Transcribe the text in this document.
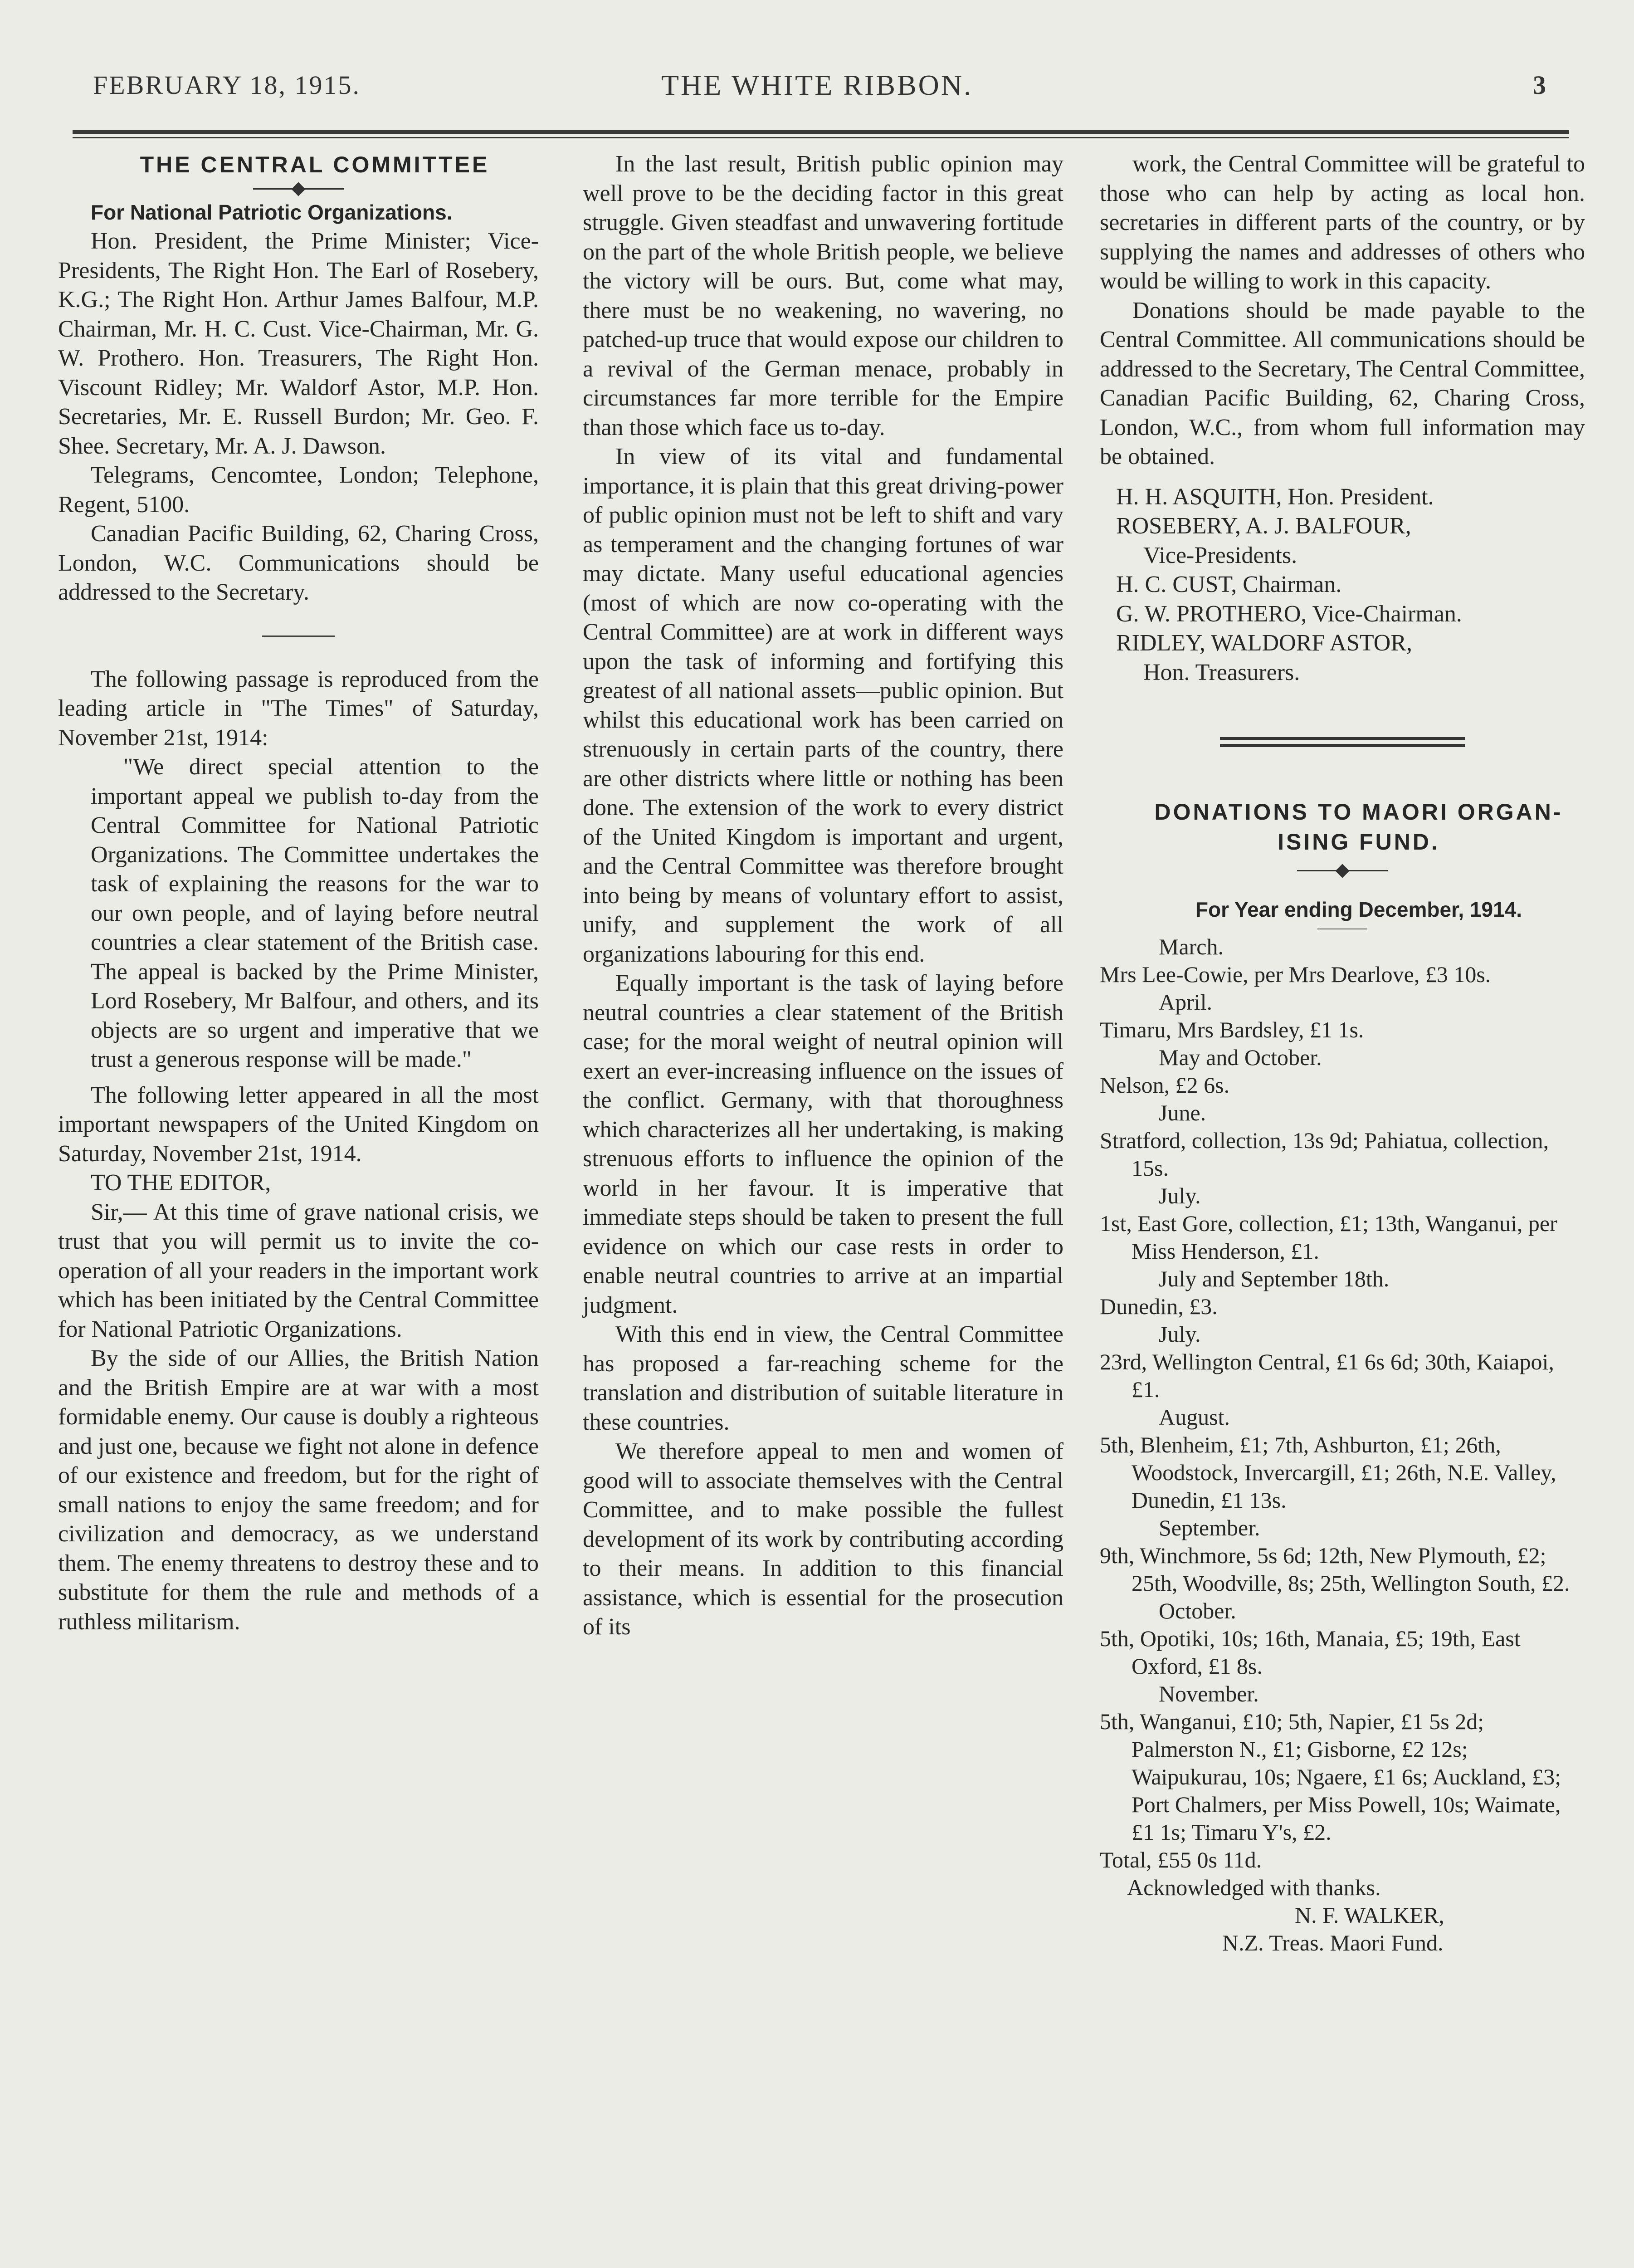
FEBRUARY 18, 1915.	THE WHITE RIBBON.	3

THE CENTRAL COMMITTEE

For National Patriotic Organizations.

Hon. President, the Prime Minister; Vice-Presidents, The Right Hon. The Earl of Rosebery, K.G.; The Right Hon. Arthur James Balfour, M.P. Chairman, Mr. H. C. Cust. Vice-Chairman, Mr. G. W. Prothero. Hon. Treasurers, The Right Hon. Viscount Ridley; Mr. Waldorf Astor, M.P. Hon. Secretaries, Mr. E. Russell Burdon; Mr. Geo. F. Shee. Secretary, Mr. A. J. Dawson.

Telegrams, Cencomtee, London; Telephone, Regent, 5100.

Canadian Pacific Building, 62, Charing Cross, London, W.C. Communications should be addressed to the Secretary.

The following passage is reproduced from the leading article in "The Times" of Saturday, November 21st, 1914:

"We direct special attention to the important appeal we publish to-day from the Central Committee for National Patriotic Organizations. The Committee undertakes the task of explaining the reasons for the war to our own people, and of laying before neutral countries a clear statement of the British case. The appeal is backed by the Prime Minister, Lord Rosebery, Mr Balfour, and others, and its objects are so urgent and imperative that we trust a generous response will be made."

The following letter appeared in all the most important newspapers of the United Kingdom on Saturday, November 21st, 1914.

TO THE EDITOR,

Sir,— At this time of grave national crisis, we trust that you will permit us to invite the co-operation of all your readers in the important work which has been initiated by the Central Committee for National Patriotic Organizations.

By the side of our Allies, the British Nation and the British Empire are at war with a most formidable enemy. Our cause is doubly a righteous and just one, because we fight not alone in defence of our existence and freedom, but for the right of small nations to enjoy the same freedom; and for civilization and democracy, as we understand them. The enemy threatens to destroy these and to substitute for them the rule and methods of a ruthless militarism.

In the last result, British public opinion may well prove to be the deciding factor in this great struggle. Given steadfast and unwavering fortitude on the part of the whole British people, we believe the victory will be ours. But, come what may, there must be no weakening, no wavering, no patched-up truce that would expose our children to a revival of the German menace, probably in circumstances far more terrible for the Empire than those which face us to-day.

In view of its vital and fundamental importance, it is plain that this great driving-power of public opinion must not be left to shift and vary as temperament and the changing fortunes of war may dictate. Many useful educational agencies (most of which are now co-operating with the Central Committee) are at work in different ways upon the task of informing and fortifying this greatest of all national assets—public opinion. But whilst this educational work has been carried on strenuously in certain parts of the country, there are other districts where little or nothing has been done. The extension of the work to every district of the United Kingdom is important and urgent, and the Central Committee was therefore brought into being by means of voluntary effort to assist, unify, and supplement the work of all organizations labouring for this end.

Equally important is the task of laying before neutral countries a clear statement of the British case; for the moral weight of neutral opinion will exert an ever-increasing influence on the issues of the conflict. Germany, with that thoroughness which characterizes all her undertaking, is making strenuous efforts to influence the opinion of the world in her favour. It is imperative that immediate steps should be taken to present the full evidence on which our case rests in order to enable neutral countries to arrive at an impartial judgment.

With this end in view, the Central Committee has proposed a far-reaching scheme for the translation and distribution of suitable literature in these countries.

We therefore appeal to men and women of good will to associate themselves with the Central Committee, and to make possible the fullest development of its work by contributing according to their means. In addition to this financial assistance, which is essential for the prosecution of its

work, the Central Committee will be grateful to those who can help by acting as local hon. secretaries in different parts of the country, or by supplying the names and addresses of others who would be willing to work in this capacity.

Donations should be made payable to the Central Committee. All communications should be addressed to the Secretary, The Central Committee, Canadian Pacific Building, 62, Charing Cross, London, W.C., from whom full information may be obtained.

H. H. ASQUITH, Hon. President.

ROSEBERY, A. J. BALFOUR,

Vice-Presidents.

H. C. CUST, Chairman.

G. W. PROTHERO, Vice-Chairman.

RIDLEY, WALDORF ASTOR,

Hon. Treasurers.

DONATIONS TO MAORI ORGAN-

ISING FUND.

For Year ending December, 1914.

March.

Mrs Lee-Cowie, per Mrs Dearlove, £3 10s.

April.

Timaru, Mrs Bardsley, £1 1s.

May and October.

Nelson, £2 6s.

June.

Stratford, collection, 13s 9d; Pahiatua, collection, 15s.

July.

1st, East Gore, collection, £1; 13th, Wanganui, per Miss Henderson, £1.

July and September 18th.

Dunedin, £3.

July.

23rd, Wellington Central, £1 6s 6d; 30th, Kaiapoi, £1.

August.

5th, Blenheim, £1; 7th, Ashburton, £1; 26th, Woodstock, Invercargill, £1; 26th, N.E. Valley, Dunedin, £1 13s.

September.

9th, Winchmore, 5s 6d; 12th, New Plymouth, £2; 25th, Woodville, 8s; 25th, Wellington South, £2.

October.

5th, Opotiki, 10s; 16th, Manaia, £5; 19th, East Oxford, £1 8s.

November.

5th, Wanganui, £10; 5th, Napier, £1 5s 2d; Palmerston N., £1; Gisborne, £2 12s; Waipukurau, 10s; Ngaere, £1 6s; Auckland, £3; Port Chalmers, per Miss Powell, 10s; Waimate, £1 1s; Timaru Y's, £2.

Total, £55 0s 11d.

Acknowledged with thanks.

N. F. WALKER,

N.Z. Treas. Maori Fund.
